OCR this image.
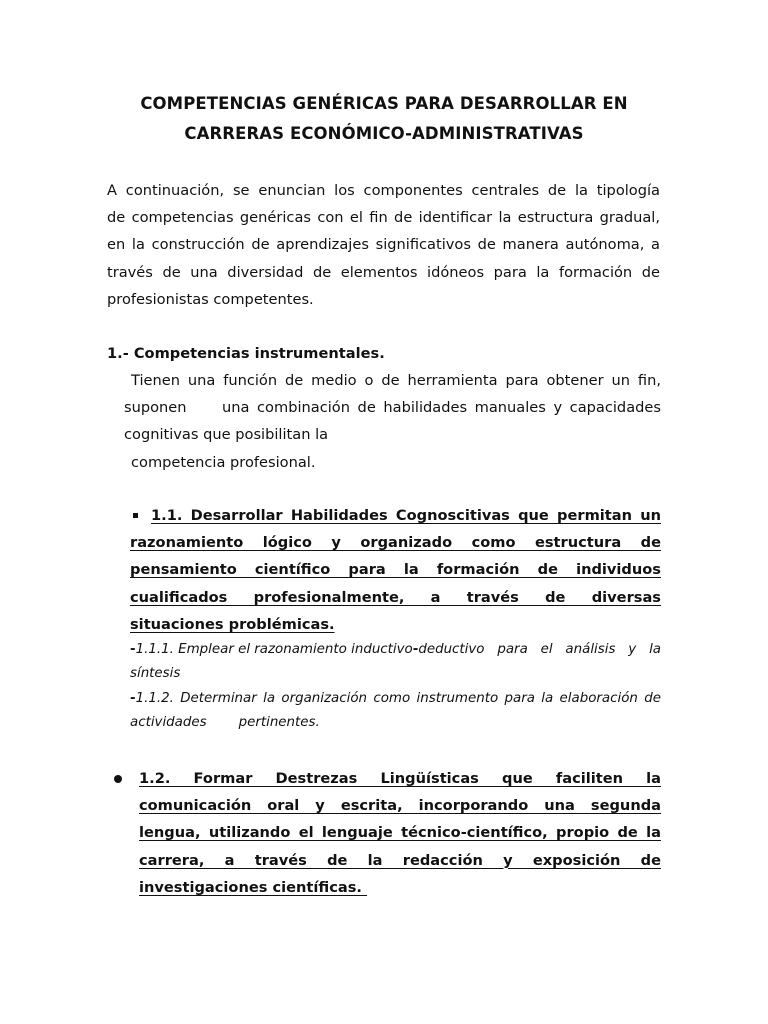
COMPETENCIAS GENÉRICAS PARA DESARROLLAR EN
CARRERAS ECONÓMICO-ADMINISTRATIVAS
A continuación, se enuncian los componentes centrales de la tipología
de competencias genéricas con el fin de identificar la estructura gradual,
en la construcción de aprendizajes significativos de manera autónoma, a
través de una diversidad de elementos idóneos para la formación de
profesionistas competentes.
1.- Competencias instrumentales.
Tienen una función de medio o de herramienta para obtener un fin,
suponen una combinación de habilidades manuales y capacidades
cognitivas que posibilitan la
competencia profesional.
1.1. Desarrollar Habilidades Cognoscitivas que permitan un
razonamiento lógico y organizado como estructura de
pensamiento científico para la formación de individuos
cualificados profesionalmente, a través de diversas
situaciones problémicas.
-1.1.1. Emplear el razonamiento inductivo- deductivo para el análisis y la
síntesis
- 1.1.2. Determinar la organización como instrumento para la elaboración de
actividades pertinentes.
1.2. Formar Destrezas Lingüísticas que faciliten la
comunicación oral y escrita, incorporando una segunda
lengua, utilizando el lenguaje técnico-científico, propio de la
carrera, a través de la redacción y exposición de
investigaciones científicas.
